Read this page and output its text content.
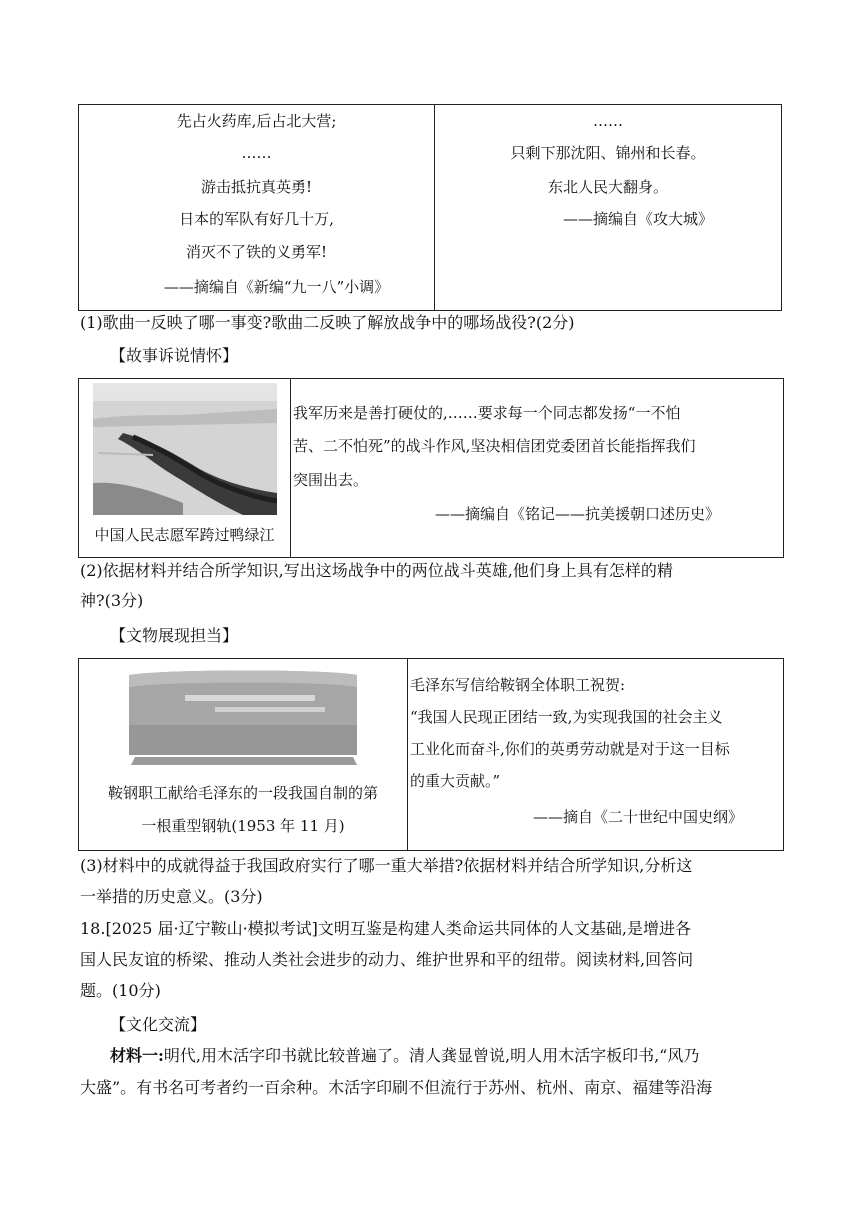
先占火药库,后占北大营;
……
游击抵抗真英勇!
日本的军队有好几十万,
消灭不了铁的义勇军!
——摘编自《新编“九一八”小调》
……
只剩下那沈阳、锦州和长春。
东北人民大翻身。
——摘编自《攻大城》
(1)歌曲一反映了哪一事变?歌曲二反映了解放战争中的哪场战役?(2分)
【故事诉说情怀】
中国人民志愿军跨过鸭绿江
我军历来是善打硬仗的,……要求每一个同志都发扬“一不怕
苦、二不怕死”的战斗作风,坚决相信团党委团首长能指挥我们
突围出去。
——摘编自《铭记——抗美援朝口述历史》
(2)依据材料并结合所学知识,写出这场战争中的两位战斗英雄,他们身上具有怎样的精
神?(3分)
【文物展现担当】
鞍钢职工献给毛泽东的一段我国自制的第
一根重型钢轨(1953 年 11 月)
毛泽东写信给鞍钢全体职工祝贺:
“我国人民现正团结一致,为实现我国的社会主义
工业化而奋斗,你们的英勇劳动就是对于这一目标
的重大贡献。”
——摘自《二十世纪中国史纲》
(3)材料中的成就得益于我国政府实行了哪一重大举措?依据材料并结合所学知识,分析这
一举措的历史意义。(3分)
18.[2025 届·辽宁鞍山·模拟考试]文明互鉴是构建人类命运共同体的人文基础,是增进各
国人民友谊的桥梁、推动人类社会进步的动力、维护世界和平的纽带。阅读材料,回答问
题。(10分)
【文化交流】
材料一:明代,用木活字印书就比较普遍了。清人龚显曾说,明人用木活字板印书,“风乃
大盛”。有书名可考者约一百余种。木活字印刷不但流行于苏州、杭州、南京、福建等沿海
